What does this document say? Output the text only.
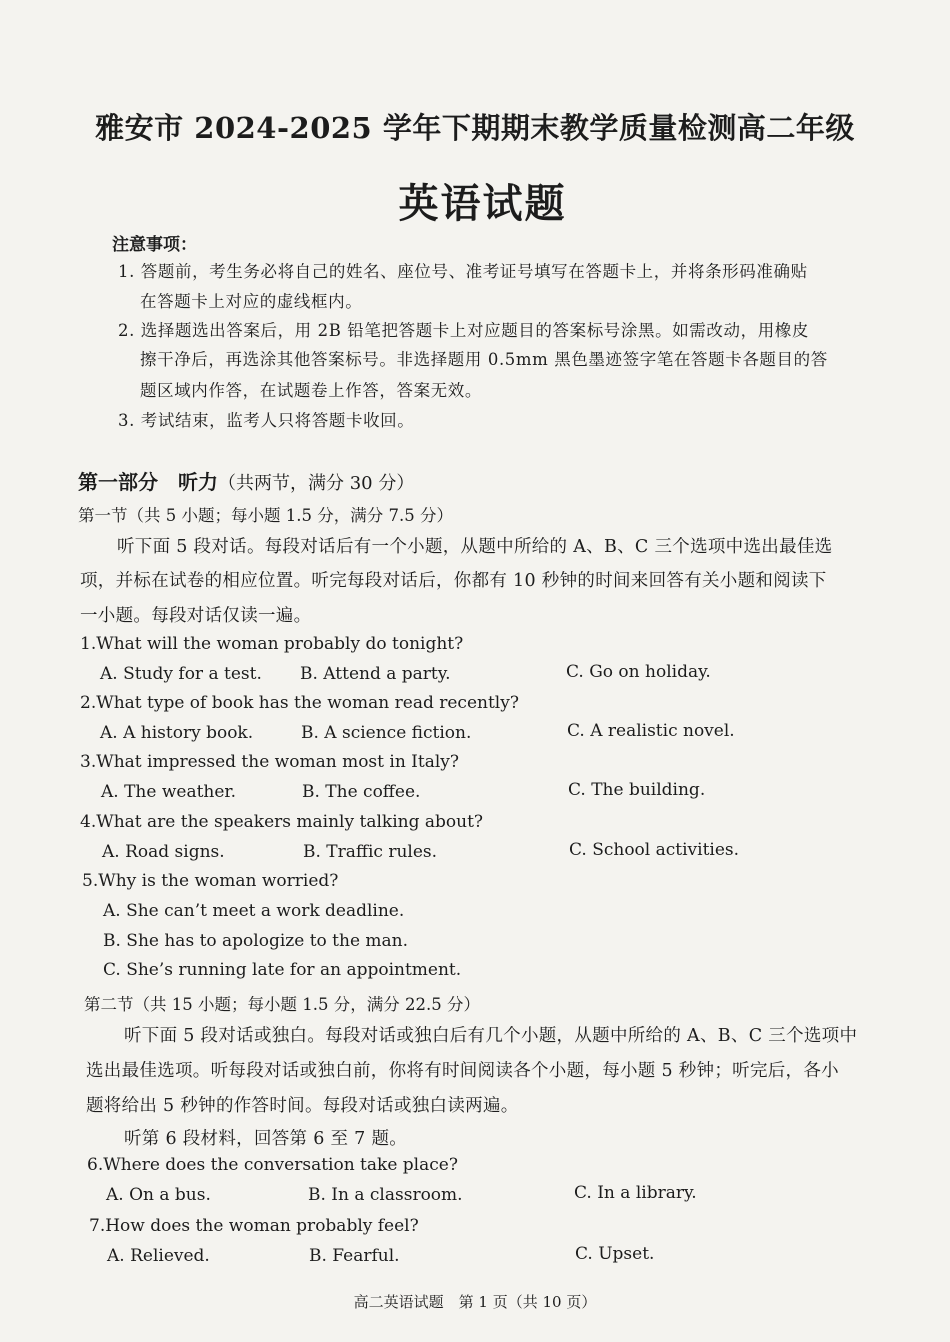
雅安市 2024-2025 学年下期期末教学质量检测高二年级
英语试题
注意事项：
1. 答题前，考生务必将自己的姓名、座位号、准考证号填写在答题卡上，并将条形码准确贴
在答题卡上对应的虚线框内。
2. 选择题选出答案后，用 2B 铅笔把答题卡上对应题目的答案标号涂黑。如需改动，用橡皮
擦干净后，再选涂其他答案标号。非选择题用 0.5mm 黑色墨迹签字笔在答题卡各题目的答
题区域内作答，在试题卷上作答，答案无效。
3. 考试结束，监考人只将答题卡收回。
第一部分　听力（共两节，满分 30 分）
第一节（共 5 小题；每小题 1.5 分，满分 7.5 分）
听下面 5 段对话。每段对话后有一个小题，从题中所给的 A、B、C 三个选项中选出最佳选
项，并标在试卷的相应位置。听完每段对话后，你都有 10 秒钟的时间来回答有关小题和阅读下
一小题。每段对话仅读一遍。
1.What will the woman probably do tonight?
A. Study for a test. B. Attend a party.	C. Go on holiday.
2.What type of book has the woman read recently?
A. A history book.	B. A science fiction.	C. A realistic novel.
3.What impressed the woman most in Italy?
A. The weather.	B. The coffee.	C. The building.
4.What are the speakers mainly talking about?
A. Road signs.	B. Traffic rules.	C. School activities.
5.Why is the woman worried?
A. She can’t meet a work deadline.
B. She has to apologize to the man.
C. She’s running late for an appointment.
第二节（共 15 小题；每小题 1.5 分，满分 22.5 分）
听下面 5 段对话或独白。每段对话或独白后有几个小题，从题中所给的 A、B、C 三个选项中
选出最佳选项。听每段对话或独白前，你将有时间阅读各个小题，每小题 5 秒钟；听完后，各小
题将给出 5 秒钟的作答时间。每段对话或独白读两遍。
听第 6 段材料，回答第 6 至 7 题。
6.Where does the conversation take place?
A. On a bus.	B. In a classroom.	C. In a library.
7.How does the woman probably feel?
A. Relieved.	B. Fearful.	C. Upset.
高二英语试题　第 1 页（共 10 页）
